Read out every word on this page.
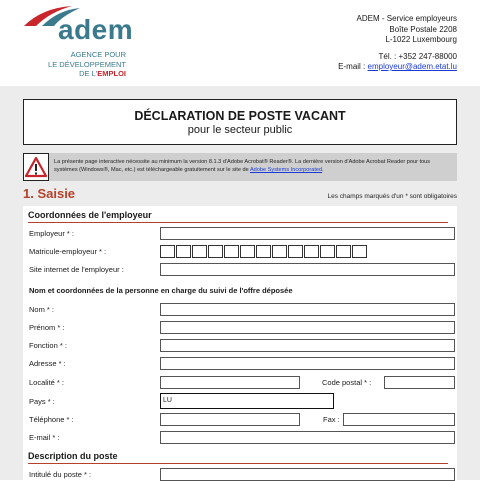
adem
AGENCE POUR
LE DÉVELOPPEMENT
DE L'EMPLOI
ADEM - Service employeurs
Boîte Postale 2208
L-1022 Luxembourg
Tél. : +352 247-88000
E-mail : employeur@adem.etat.lu
DÉCLARATION DE POSTE VACANT
pour le secteur public
La présente page interactive nécessite au minimum la version 8.1.3 d'Adobe Acrobat® Reader®. La dernière version d'Adobe Acrobat Reader pour tous systèmes (Windows®, Mac, etc.) est téléchargeable gratuitement sur le site de Adobe Systems Incorporated.
1. Saisie	Les champs marqués d'un * sont obligatoires
Coordonnées de l'employeur
Employeur * :
Matricule-employeur * :
Site internet de l'employeur :
Nom et coordonnées de la personne en charge du suivi de l'offre déposée
Nom * :
Prénom * :
Fonction * :
Adresse * :
Localité * :	Code postal * :
Pays * :	LU
Téléphone * :	Fax :
E-mail * :
Description du poste
Intitulé du poste * :
